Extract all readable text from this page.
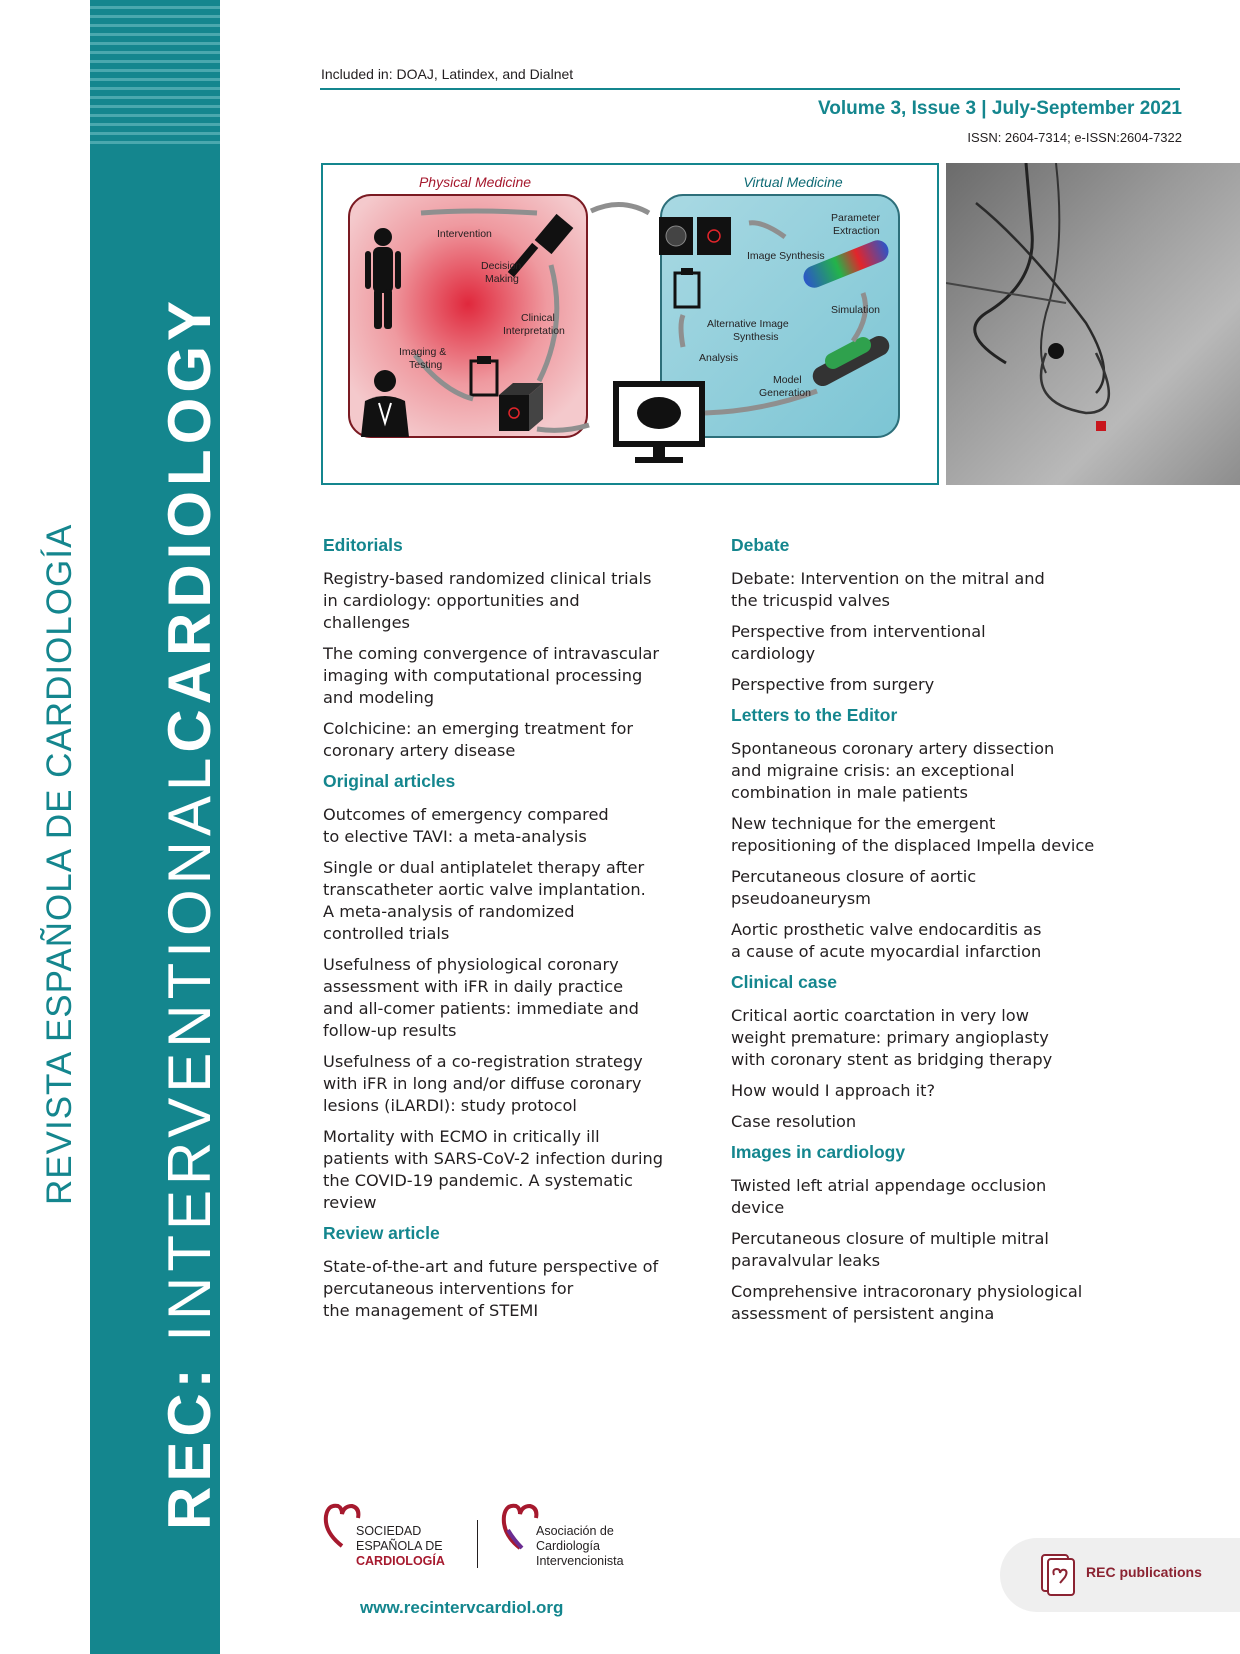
REC: INTERVENTIONALCARDIOLOGY
REVISTA ESPAÑOLA DE CARDIOLOGÍA
Included in: DOAJ, Latindex, and Dialnet
Volume 3, Issue 3 | July-September 2021
ISSN: 2604-7314; e-ISSN:2604-7322
Physical Medicine	Virtual Medicine
Intervention
Decision
Making
Clinical
Interpretation
Imaging &
Testing
Parameter
Extraction
Image Synthesis
Simulation
Alternative Image
Synthesis
Analysis
Model
Generation
Editorials
Registry-based randomized clinical trials
in cardiology: opportunities and
challenges
The coming convergence of intravascular
imaging with computational processing
and modeling
Colchicine: an emerging treatment for
coronary artery disease
Original articles
Outcomes of emergency compared
to elective TAVI: a meta-analysis
Single or dual antiplatelet therapy after
transcatheter aortic valve implantation.
A meta-analysis of randomized
controlled trials
Usefulness of physiological coronary
assessment with iFR in daily practice
and all-comer patients: immediate and
follow-up results
Usefulness of a co-registration strategy
with iFR in long and/or diffuse coronary
lesions (iLARDI): study protocol
Mortality with ECMO in critically ill
patients with SARS-CoV-2 infection during
the COVID-19 pandemic. A systematic
review
Review article
State-of-the-art and future perspective of
percutaneous interventions for
the management of STEMI
Debate
Debate: Intervention on the mitral and
the tricuspid valves
Perspective from interventional
cardiology
Perspective from surgery
Letters to the Editor
Spontaneous coronary artery dissection
and migraine crisis: an exceptional
combination in male patients
New technique for the emergent
repositioning of the displaced Impella device
Percutaneous closure of aortic
pseudoaneurysm
Aortic prosthetic valve endocarditis as
a cause of acute myocardial infarction
Clinical case
Critical aortic coarctation in very low
weight premature: primary angioplasty
with coronary stent as bridging therapy
How would I approach it?
Case resolution
Images in cardiology
Twisted left atrial appendage occlusion
device
Percutaneous closure of multiple mitral
paravalvular leaks
Comprehensive intracoronary physiological
assessment of persistent angina
SOCIEDAD
ESPAÑOLA DE
CARDIOLOGÍA
Asociación de
Cardiología
Intervencionista
www.recintervcardiol.org
REC publications
